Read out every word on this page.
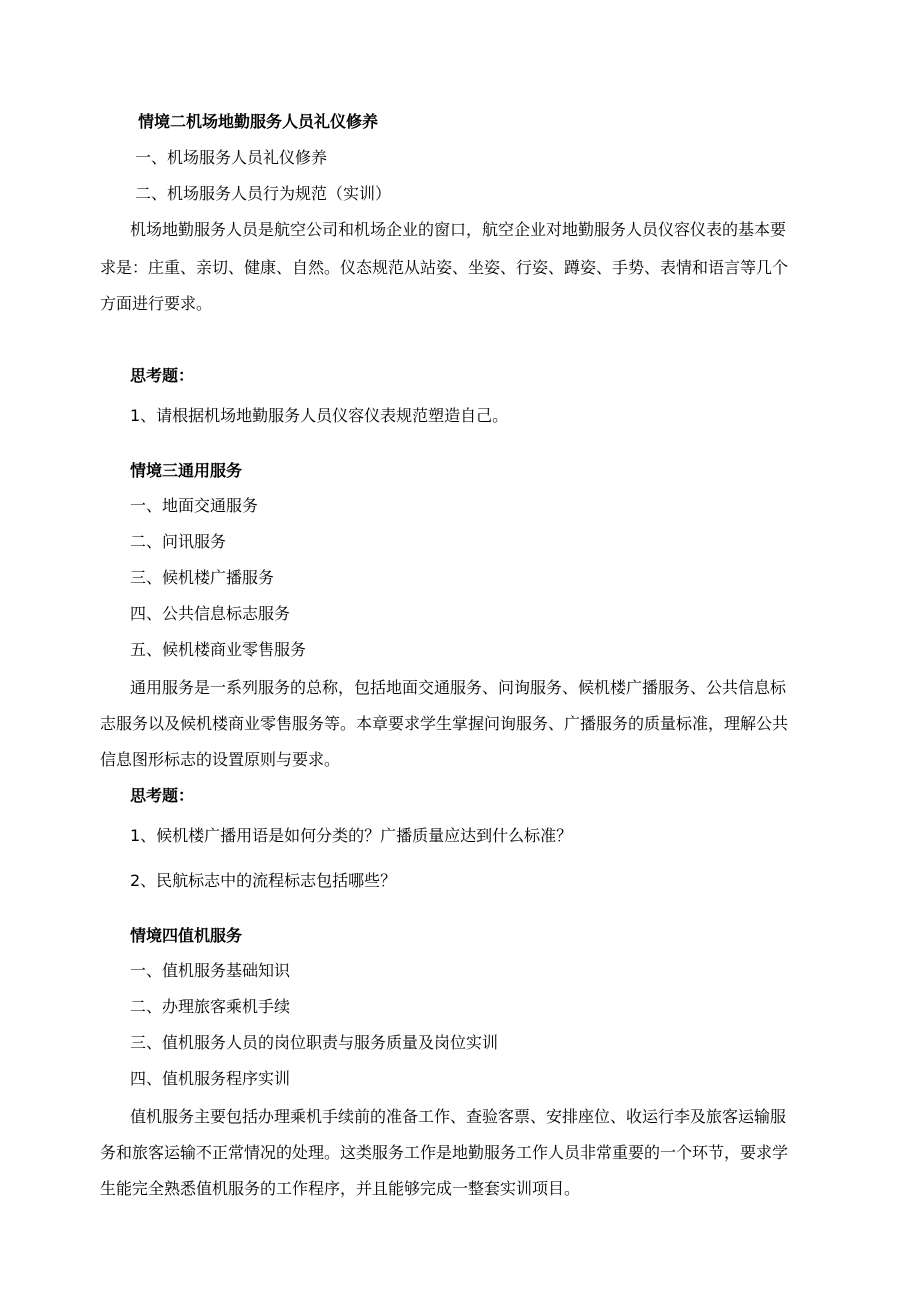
情境二机场地勤服务人员礼仪修养
一、机场服务人员礼仪修养
二、机场服务人员行为规范（实训）
机场地勤服务人员是航空公司和机场企业的窗口，航空企业对地勤服务人员仪容仪表的基本要
求是：庄重、亲切、健康、自然。仪态规范从站姿、坐姿、行姿、蹲姿、手势、表情和语言等几个
方面进行要求。
思考题：
1、请根据机场地勤服务人员仪容仪表规范塑造自己。
情境三通用服务
一、地面交通服务
二、问讯服务
三、候机楼广播服务
四、公共信息标志服务
五、候机楼商业零售服务
通用服务是一系列服务的总称，包括地面交通服务、问询服务、候机楼广播服务、公共信息标
志服务以及候机楼商业零售服务等。本章要求学生掌握问询服务、广播服务的质量标准，理解公共
信息图形标志的设置原则与要求。
思考题：
1、候机楼广播用语是如何分类的？广播质量应达到什么标准？
2、民航标志中的流程标志包括哪些？
情境四值机服务
一、值机服务基础知识
二、办理旅客乘机手续
三、值机服务人员的岗位职责与服务质量及岗位实训
四、值机服务程序实训
值机服务主要包括办理乘机手续前的准备工作、查验客票、安排座位、收运行李及旅客运输服
务和旅客运输不正常情况的处理。这类服务工作是地勤服务工作人员非常重要的一个环节，要求学
生能完全熟悉值机服务的工作程序，并且能够完成一整套实训项目。
